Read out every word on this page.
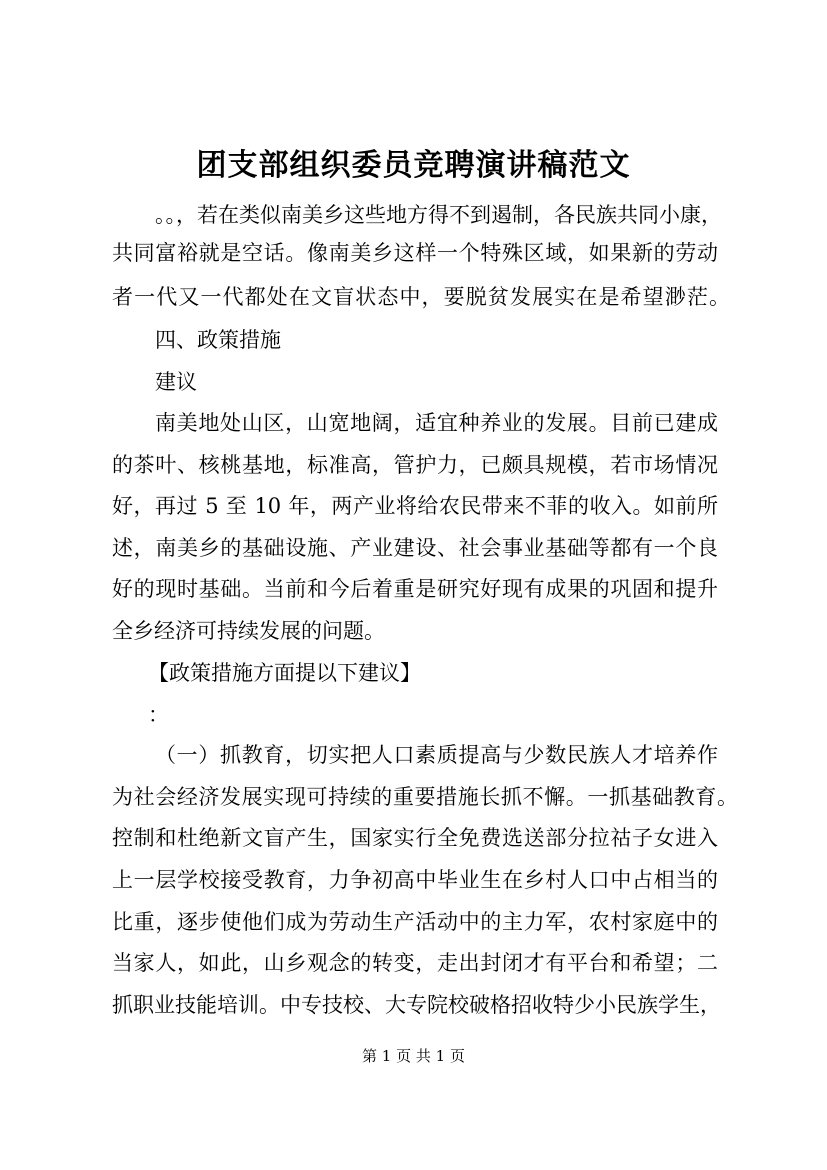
团支部组织委员竞聘演讲稿范文
。。，若在类似南美乡这些地方得不到遏制，各民族共同小康，
共同富裕就是空话。像南美乡这样一个特殊区域，如果新的劳动
者一代又一代都处在文盲状态中，要脱贫发展实在是希望渺茫。
四、政策措施
建议
南美地处山区，山宽地阔，适宜种养业的发展。目前已建成
的茶叶、核桃基地，标准高，管护力，已颇具规模，若市场情况
好，再过 5 至 10 年，两产业将给农民带来不菲的收入。如前所
述，南美乡的基础设施、产业建设、社会事业基础等都有一个良
好的现时基础。当前和今后着重是研究好现有成果的巩固和提升
全乡经济可持续发展的问题。
【政策措施方面提以下建议】
：
（一）抓教育，切实把人口素质提高与少数民族人才培养作
为社会经济发展实现可持续的重要措施长抓不懈。一抓基础教育。
控制和杜绝新文盲产生，国家实行全免费选送部分拉祜子女进入
上一层学校接受教育，力争初高中毕业生在乡村人口中占相当的
比重，逐步使他们成为劳动生产活动中的主力军，农村家庭中的
当家人，如此，山乡观念的转变，走出封闭才有平台和希望；二
抓职业技能培训。中专技校、大专院校破格招收特少小民族学生，
第 1 页 共 1 页
